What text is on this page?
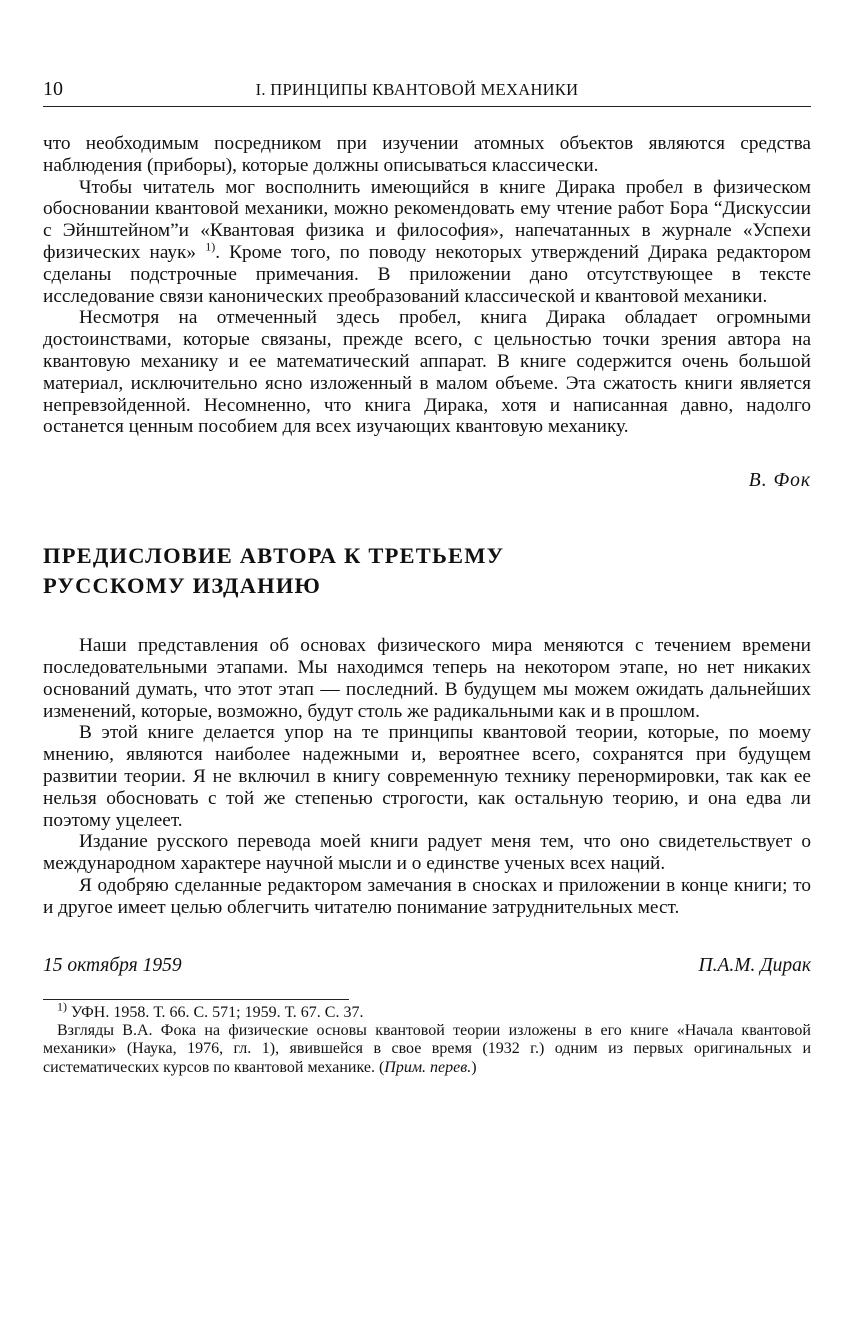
10	I. ПРИНЦИПЫ КВАНТОВОЙ МЕХАНИКИ

что необходимым посредником при изучении атомных объектов являются средства наблюдения (приборы), которые должны описываться классически.

Чтобы читатель мог восполнить имеющийся в книге Дирака пробел в физическом обосновании квантовой механики, можно рекомендовать ему чтение работ Бора “Дискуссии с Эйнштейном”и «Квантовая физика и философия», напечатанных в журнале «Успехи физических наук» $^{1)}$. Кроме того, по поводу некоторых утверждений Дирака редактором сделаны подстрочные примечания. В приложении дано отсутствующее в тексте исследование связи канонических преобразований классической и квантовой механики.

Несмотря на отмеченный здесь пробел, книга Дирака обладает огромными достоинствами, которые связаны, прежде всего, с цельностью точки зрения автора на квантовую механику и ее математический аппарат. В книге содержится очень большой материал, исключительно ясно изложенный в малом объеме. Эта сжатость книги является непревзойденной. Несомненно, что книга Дирака, хотя и написанная давно, надолго останется ценным пособием для всех изучающих квантовую механику.

В. Фок
ПРЕДИСЛОВИЕ АВТОРА К ТРЕТЬЕМУ
РУССКОМУ ИЗДАНИЮ

Наши представления об основах физического мира меняются с течением времени последовательными этапами. Мы находимся теперь на некотором этапе, но нет никаких оснований думать, что этот этап — последний. В будущем мы можем ожидать дальнейших изменений, которые, возможно, будут столь же радикальными как и в прошлом.

В этой книге делается упор на те принципы квантовой теории, которые, по моему мнению, являются наиболее надежными и, вероятнее всего, сохранятся при будущем развитии теории. Я не включил в книгу современную технику перенормировки, так как ее нельзя обосновать с той же степенью строгости, как остальную теорию, и она едва ли поэтому уцелеет.

Издание русского перевода моей книги радует меня тем, что оно свидетельствует о международном характере научной мысли и о единстве ученых всех наций.

Я одобряю сделанные редактором замечания в сносках и приложении в конце книги; то и другое имеет целью облегчить читателю понимание затруднительных мест.

15 октября 1959	П.А.М. Дирак

$^{1)}$ УФН. 1958. Т. 66. С. 571; 1959. Т. 67. С. 37.

Взгляды В.А. Фока на физические основы квантовой теории изложены в его книге «Начала квантовой механики» (Наука, 1976, гл. 1), явившейся в свое время (1932 г.) одним из первых оригинальных и систематических курсов по квантовой механике. (Прим. перев.)
